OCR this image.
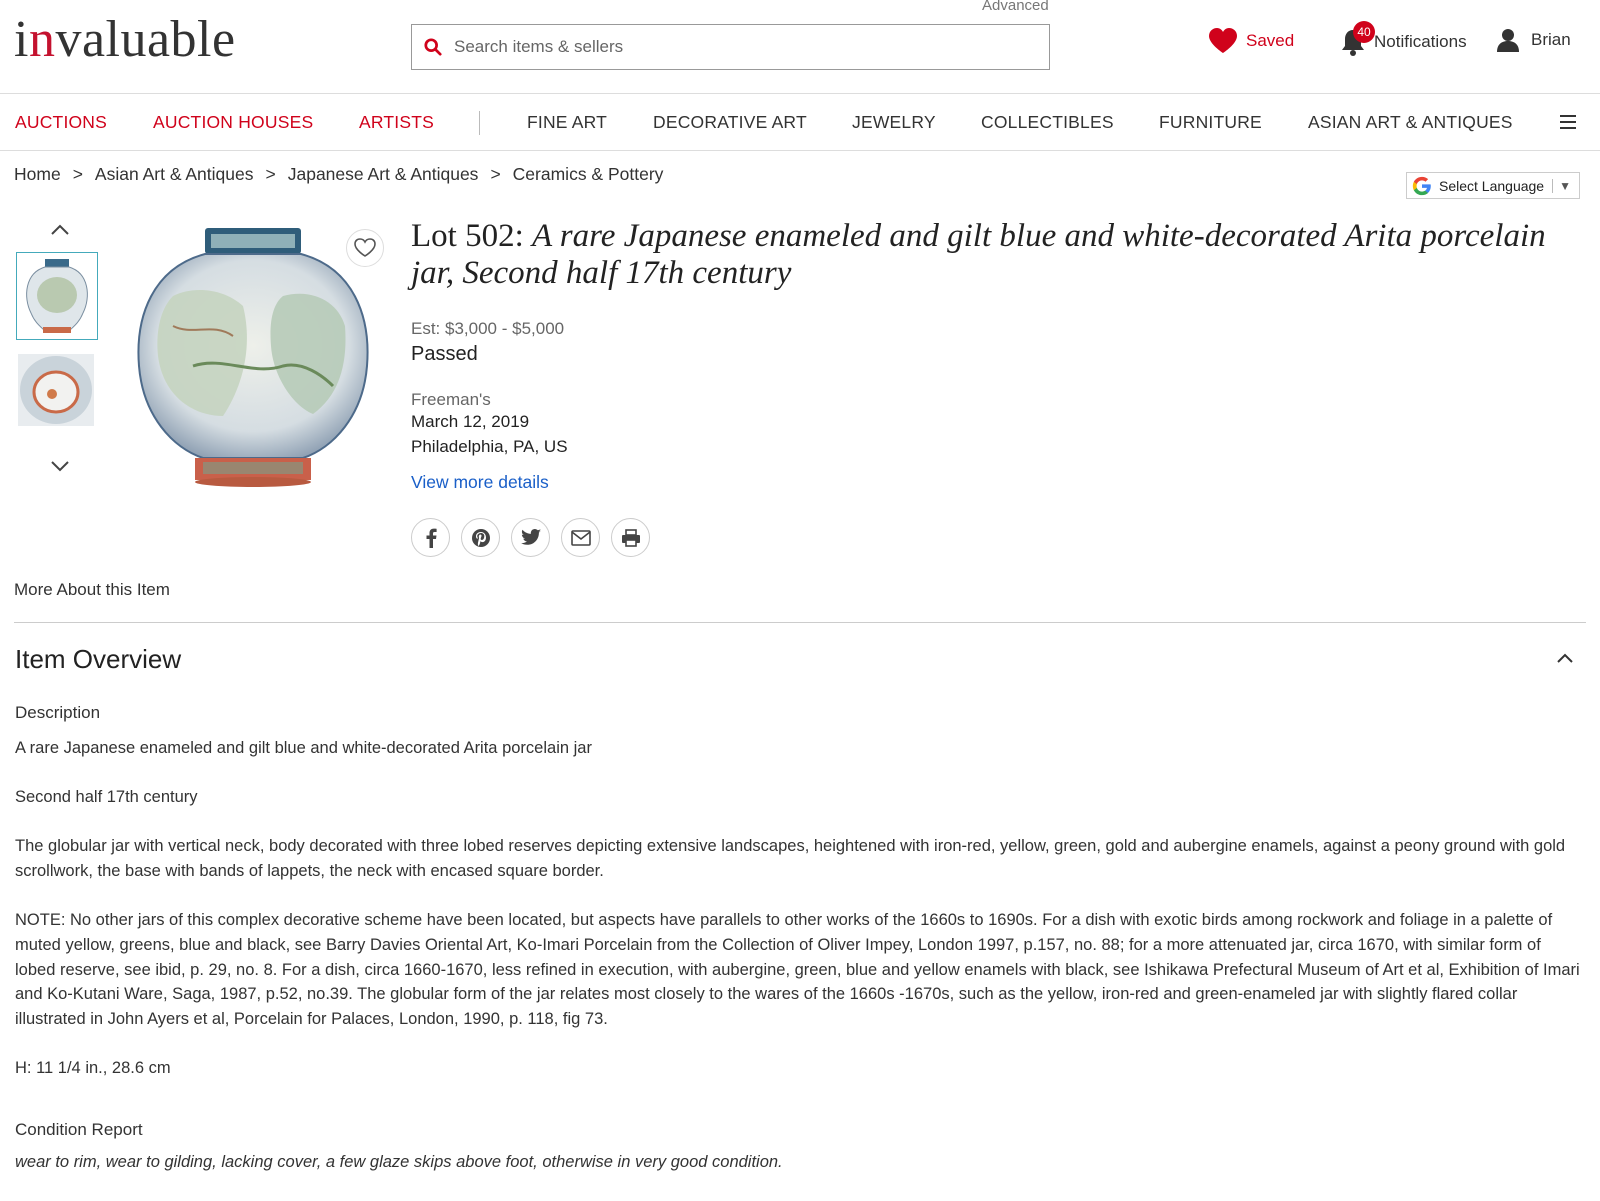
invaluable
Advanced
Search items & sellers
Saved	40 Notifications	Brian
AUCTIONS	AUCTION HOUSES	ARTISTS	FINE ART	DECORATIVE ART	JEWELRY	COLLECTIBLES	FURNITURE	ASIAN ART & ANTIQUES
Home > Asian Art & Antiques > Japanese Art & Antiques > Ceramics & Pottery
Select Language	▼
Lot 502: A rare Japanese enameled and gilt blue and white-decorated Arita porcelain jar, Second half 17th century
Est: $3,000 - $5,000
Passed
Freeman's
March 12, 2019
Philadelphia, PA, US
View more details
More About this Item
Item Overview
Description

A rare Japanese enameled and gilt blue and white-decorated Arita porcelain jar

Second half 17th century

The globular jar with vertical neck, body decorated with three lobed reserves depicting extensive landscapes, heightened with iron-red, yellow, green, gold and aubergine enamels, against a peony ground with gold scrollwork, the base with bands of lappets, the neck with encased square border.

NOTE: No other jars of this complex decorative scheme have been located, but aspects have parallels to other works of the 1660s to 1690s. For a dish with exotic birds among rockwork and foliage in a palette of muted yellow, greens, blue and black, see Barry Davies Oriental Art, Ko-Imari Porcelain from the Collection of Oliver Impey, London 1997, p.157, no. 88; for a more attenuated jar, circa 1670, with similar form of lobed reserve, see ibid, p. 29, no. 8. For a dish, circa 1660-1670, less refined in execution, with aubergine, green, blue and yellow enamels with black, see Ishikawa Prefectural Museum of Art et al, Exhibition of Imari and Ko-Kutani Ware, Saga, 1987, p.52, no.39. The globular form of the jar relates most closely to the wares of the 1660s -1670s, such as the yellow, iron-red and green-enameled jar with slightly flared collar illustrated in John Ayers et al, Porcelain for Palaces, London, 1990, p. 118, fig 73.

H: 11 1/4 in., 28.6 cm

Condition Report
wear to rim, wear to gilding, lacking cover, a few glaze skips above foot, otherwise in very good condition.
